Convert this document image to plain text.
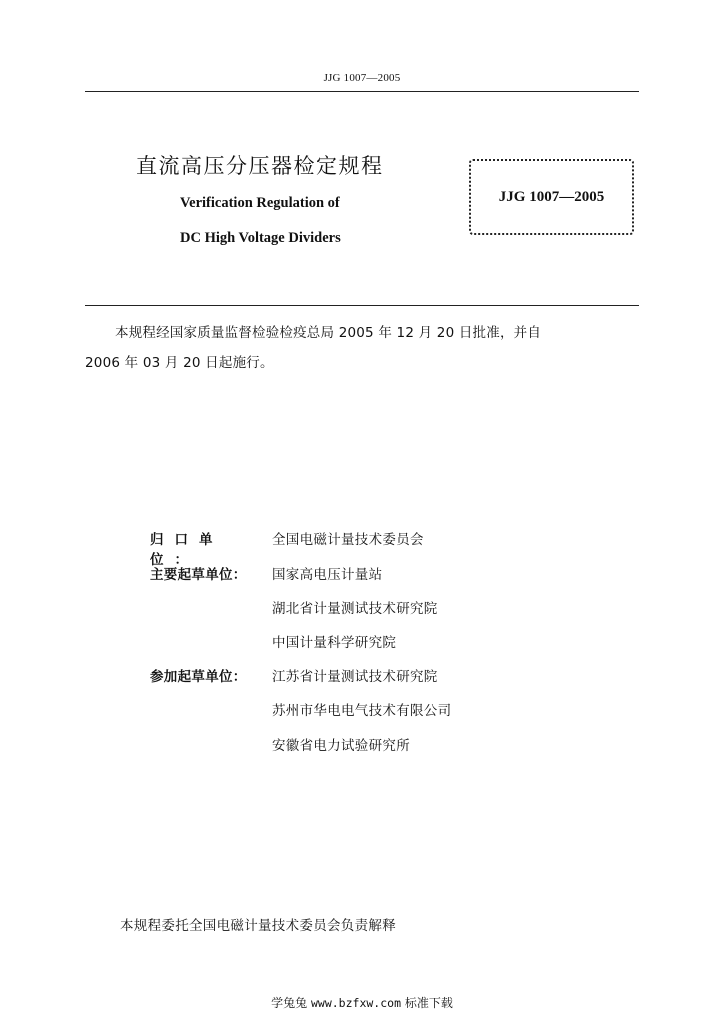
JJG 1007—2005
直流高压分压器检定规程
Verification Regulation of
DC High Voltage Dividers
JJG 1007—2005
本规程经国家质量监督检验检疫总局 2005 年 12 月 20 日批准，并自
2006 年 03 月 20 日起施行。
归口单位：
全国电磁计量技术委员会
主要起草单位：	国家高电压计量站
湖北省计量测试技术研究院
中国计量科学研究院
参加起草单位：	江苏省计量测试技术研究院
苏州市华电电气技术有限公司
安徽省电力试验研究所
本规程委托全国电磁计量技术委员会负责解释
学兔兔 www.bzfxw.com 标准下载
